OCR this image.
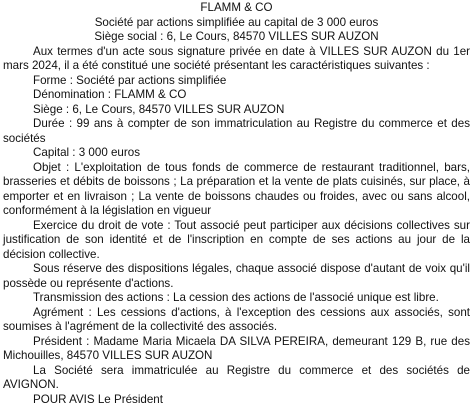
FLAMM & CO
Société par actions simplifiée au capital de 3 000 euros
Siège social : 6, Le Cours, 84570 VILLES SUR AUZON

Aux termes d'un acte sous signature privée en date à VILLES SUR AUZON du 1er mars 2024, il a été constitué une société présentant les caractéristiques suivantes :

Forme : Société par actions simplifiée

Dénomination : FLAMM & CO

Siège : 6, Le Cours, 84570 VILLES SUR AUZON

Durée : 99 ans à compter de son immatriculation au Registre du commerce et des sociétés

Capital : 3 000 euros

Objet : L'exploitation de tous fonds de commerce de restaurant traditionnel, bars, brasseries et débits de boissons ; La préparation et la vente de plats cuisinés, sur place, à emporter et en livraison ; La vente de boissons chaudes ou froides, avec ou sans alcool, conformément à la législation en vigueur

Exercice du droit de vote : Tout associé peut participer aux décisions collectives sur justification de son identité et de l'inscription en compte de ses actions au jour de la décision collective.

Sous réserve des dispositions légales, chaque associé dispose d'autant de voix qu'il possède ou représente d'actions.

Transmission des actions : La cession des actions de l'associé unique est libre.

Agrément : Les cessions d'actions, à l'exception des cessions aux associés, sont soumises à l'agrément de la collectivité des associés.

Président : Madame Maria Micaela DA SILVA PEREIRA, demeurant 129 B, rue des Michouilles, 84570 VILLES SUR AUZON

La Société sera immatriculée au Registre du commerce et des sociétés de AVIGNON.

POUR AVIS Le Président
